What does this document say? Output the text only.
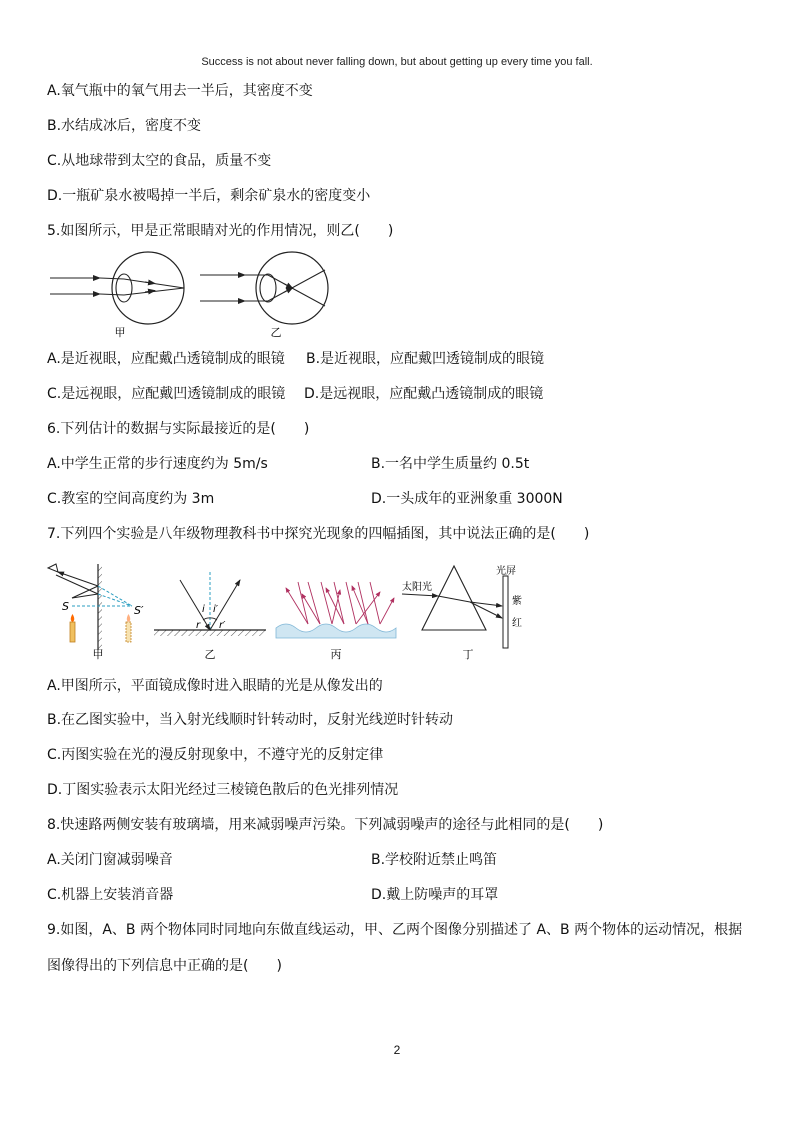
Success is not about never falling down, but about getting up every time you fall.
A.氧气瓶中的氧气用去一半后，其密度不变
B.水结成冰后，密度不变
C.从地球带到太空的食品，质量不变
D.一瓶矿泉水被喝掉一半后，剩余矿泉水的密度变小
5.如图所示，甲是正常眼睛对光的作用情况，则乙(　　)
甲	乙
A.是近视眼，应配戴凸透镜制成的眼镜 B.是近视眼，应配戴凹透镜制成的眼镜
C.是远视眼，应配戴凹透镜制成的眼镜 D.是远视眼，应配戴凸透镜制成的眼镜
6.下列估计的数据与实际最接近的是(　　)
A.中学生正常的步行速度约为 5m/s	B.一名中学生质量约 0.5t
C.教室的空间高度约为 3m	D.一头成年的亚洲象重 3000N
7.下列四个实验是八年级物理教科书中探究光现象的四幅插图，其中说法正确的是(　　)
S	S′
甲
i i′
r r′
乙	丙
太阳光
光屏
紫
红
丁
A.甲图所示，平面镜成像时进入眼睛的光是从像发出的
B.在乙图实验中，当入射光线顺时针转动时，反射光线逆时针转动
C.丙图实验在光的漫反射现象中，不遵守光的反射定律
D.丁图实验表示太阳光经过三棱镜色散后的色光排列情况
8.快速路两侧安装有玻璃墙，用来减弱噪声污染。下列减弱噪声的途径与此相同的是(　　)
A.关闭门窗减弱噪音	B.学校附近禁止鸣笛
C.机器上安装消音器	D.戴上防噪声的耳罩
9.如图，A、B 两个物体同时同地向东做直线运动，甲、乙两个图像分别描述了 A、B 两个物体的运动情况，根据
图像得出的下列信息中正确的是(　　)
2
